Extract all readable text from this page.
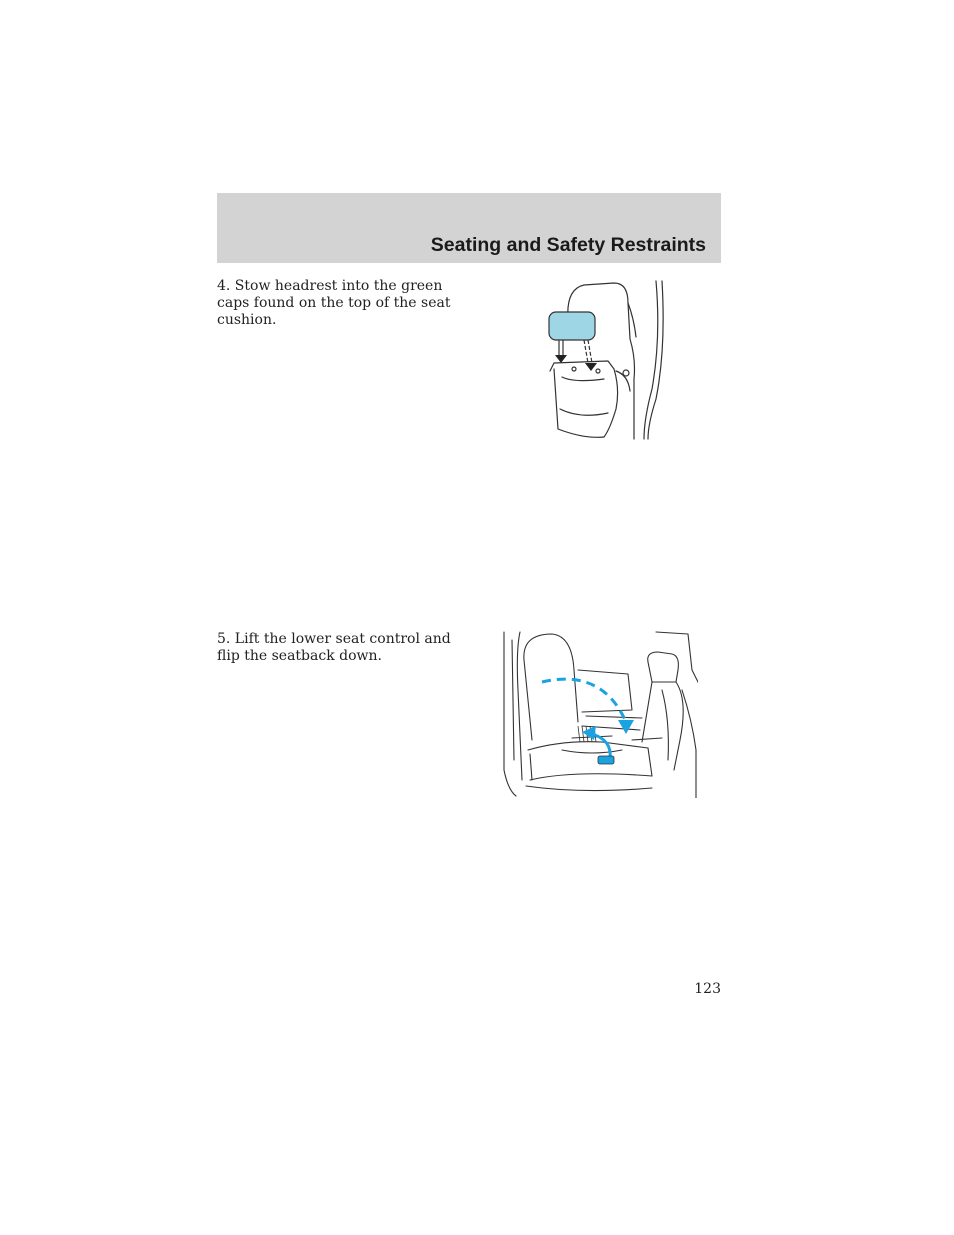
Seating and Safety Restraints
4. Stow headrest into the green caps found on the top of the seat cushion.
5. Lift the lower seat control and flip the seatback down.
123
